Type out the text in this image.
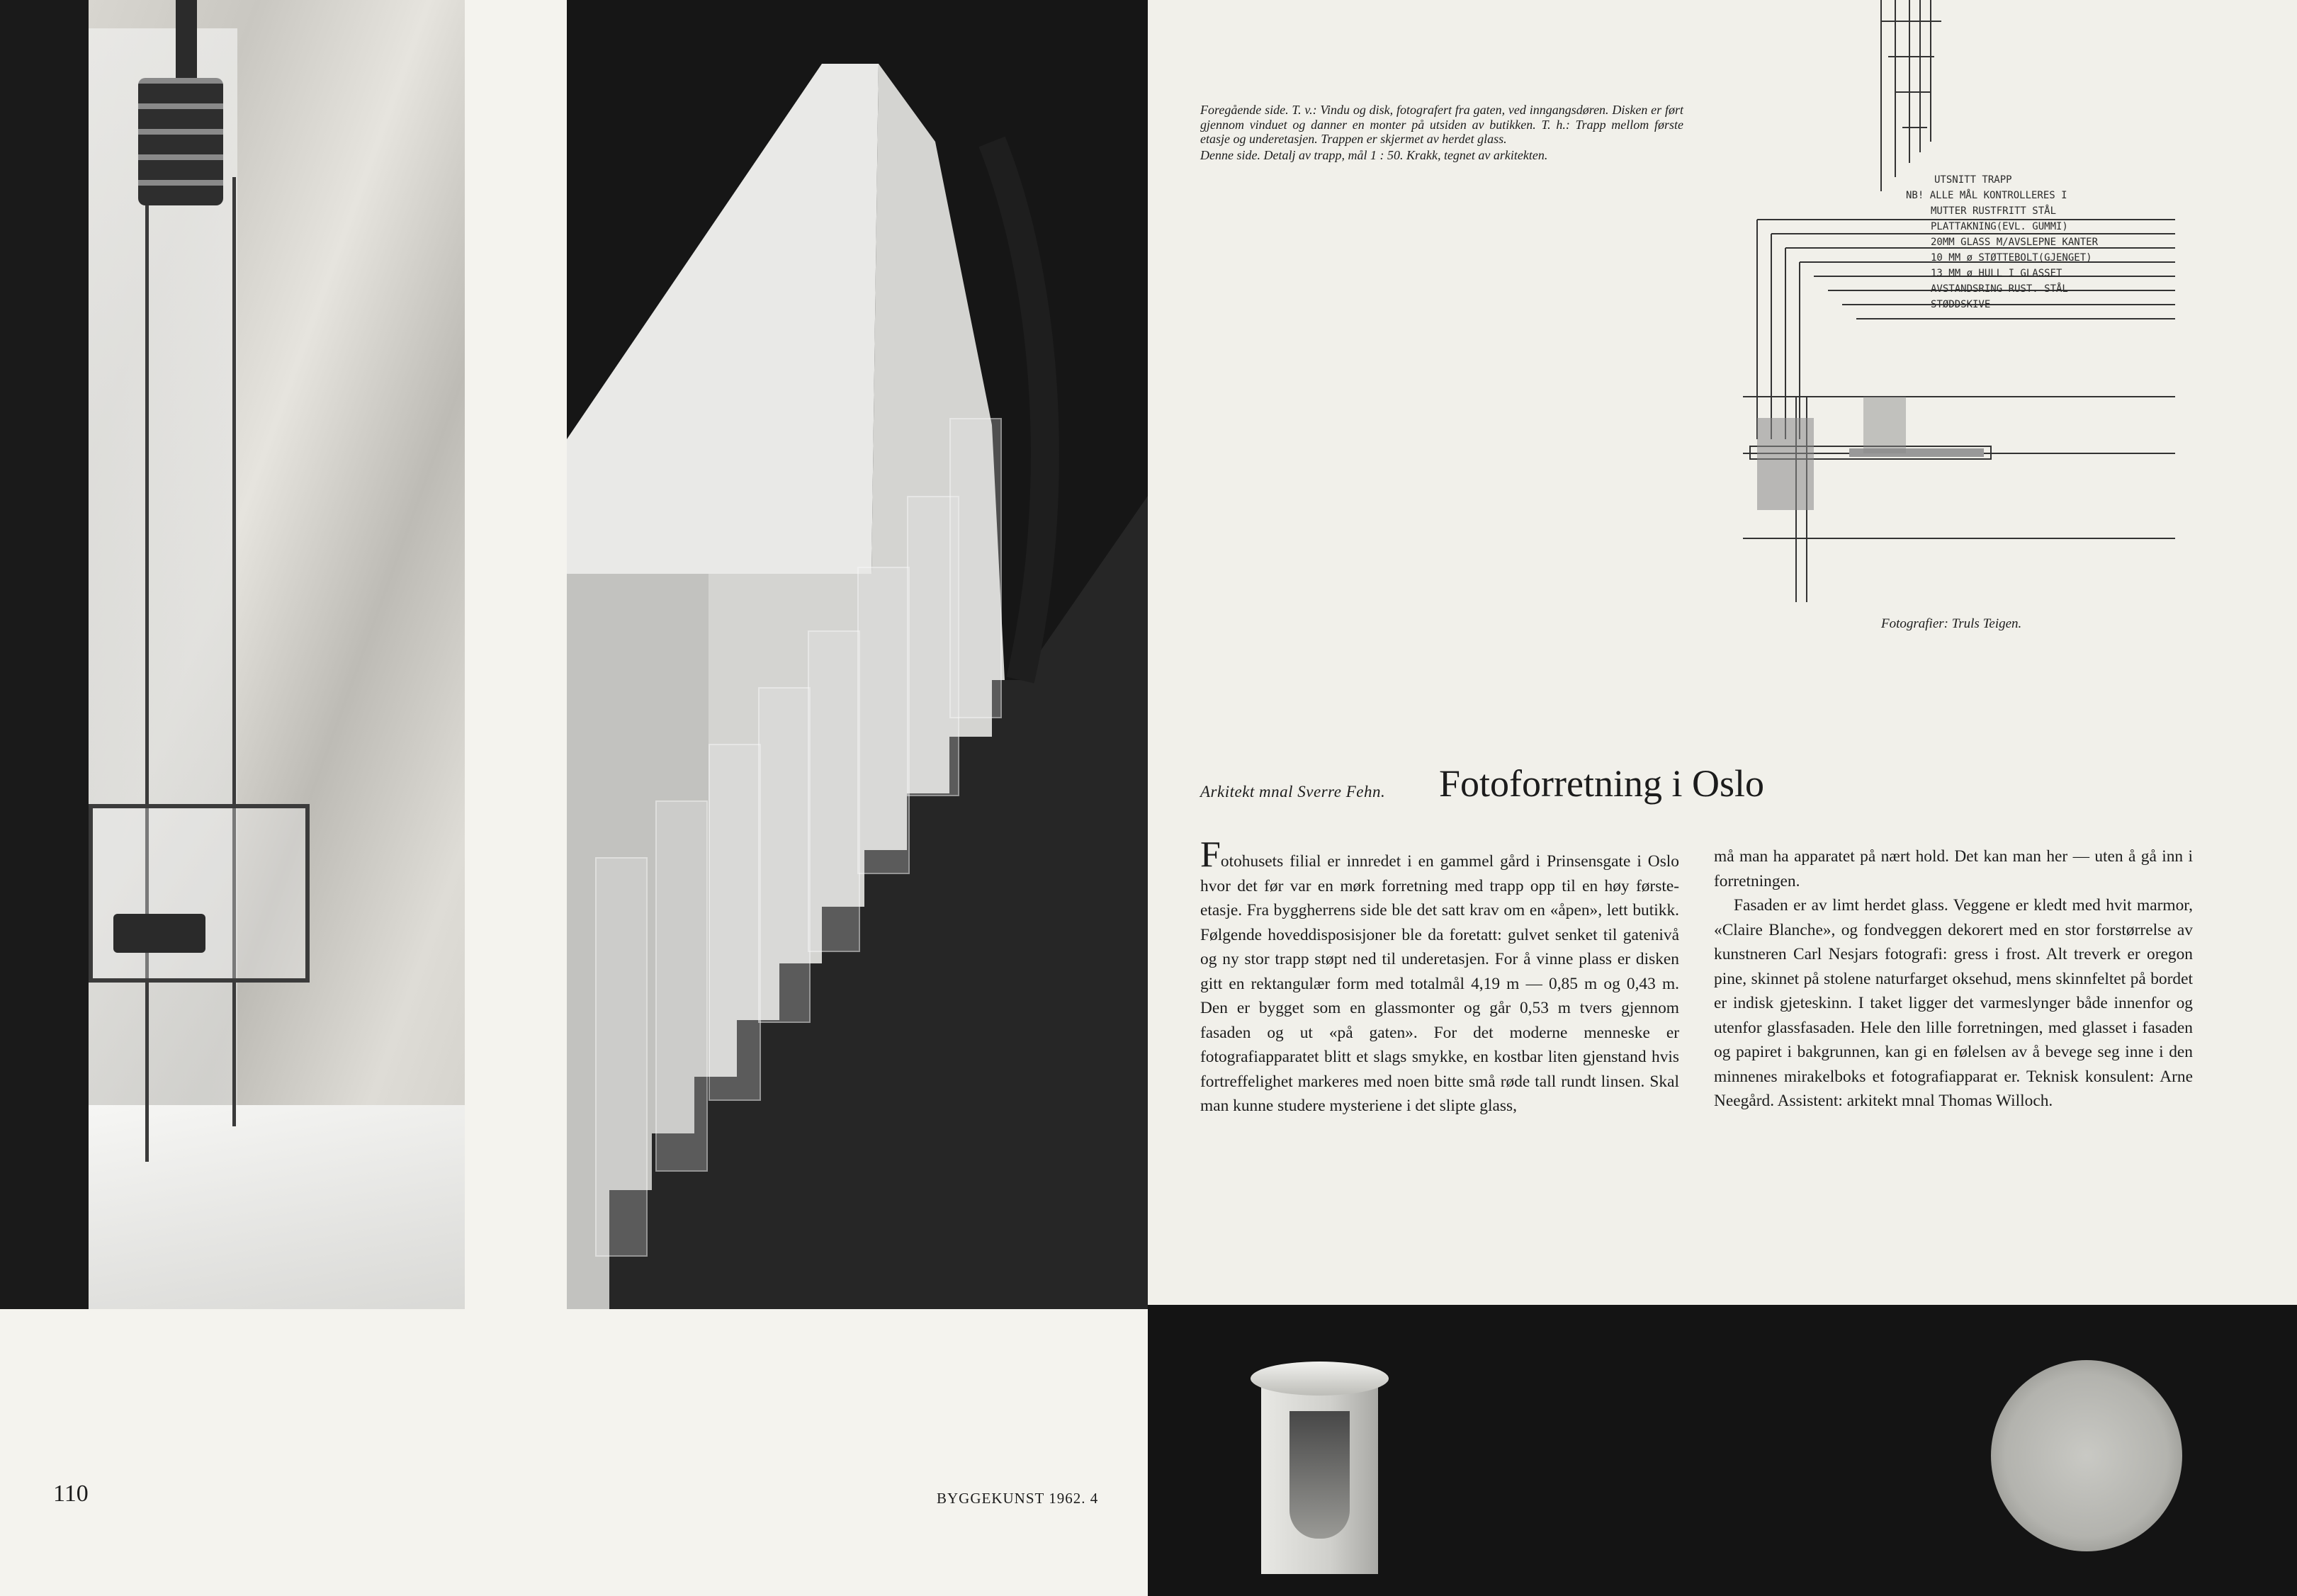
110	BYGGEKUNST 1962. 4

Foregående side. T. v.: Vindu og disk, fotografert fra gaten, ved inngangsdøren. Disken er ført gjennom vinduet og danner en monter på utsiden av butikken. T. h.: Trapp mellom første etasje og underetasjen. Trappen er skjermet av herdet glass.

Denne side. Detalj av trapp, mål 1 : 50. Krakk, tegnet av arkitekten.

UTSNITT TRAPP
NB! ALLE MÅL KONTROLLERES I
MUTTER RUSTFRITT STÅL
PLATTAKNING(EVL. GUMMI)
20MM GLASS M/AVSLEPNE KANTER
10 MM ø STØTTEBOLT(GJENGET)
13 MM ø HULL I GLASSET
AVSTANDSRING RUST. STÅL
STØDDSKIVE
Fotografier: Truls Teigen.
Arkitekt mnal Sverre Fehn. Fotoforretning i Oslo

Fotohusets filial er innredet i en gammel gård i Prinsensgate i Oslo hvor det før var en mørk forretning med trapp opp til en høy første-etasje. Fra byggherrens side ble det satt krav om en «åpen», lett butikk. Følgende hoveddisposisjoner ble da foretatt: gulvet senket til gatenivå og ny stor trapp støpt ned til underetasjen. For å vinne plass er disken gitt en rektangulær form med totalmål 4,19 m — 0,85 m og 0,43 m. Den er bygget som en glassmonter og går 0,53 m tvers gjennom fasaden og ut «på gaten». For det moderne menneske er fotografiapparatet blitt et slags smykke, en kostbar liten gjenstand hvis fortreffelighet markeres med noen bitte små røde tall rundt linsen. Skal man kunne studere mysteriene i det slipte glass,

må man ha apparatet på nært hold. Det kan man her — uten å gå inn i forretningen.

Fasaden er av limt herdet glass. Veggene er kledt med hvit marmor, «Claire Blanche», og fondveggen dekorert med en stor forstørrelse av kunstneren Carl Nesjars fotografi: gress i frost. Alt treverk er oregon pine, skinnet på stolene naturfarget oksehud, mens skinnfeltet på bordet er indisk gjeteskinn. I taket ligger det varmeslynger både innenfor og utenfor glassfasaden. Hele den lille forretningen, med glasset i fasaden og papiret i bakgrunnen, kan gi en følelsen av å bevege seg inne i den minnenes mirakelboks et fotografiapparat er. Teknisk konsulent: Arne Neegård. Assistent: arkitekt mnal Thomas Willoch.
